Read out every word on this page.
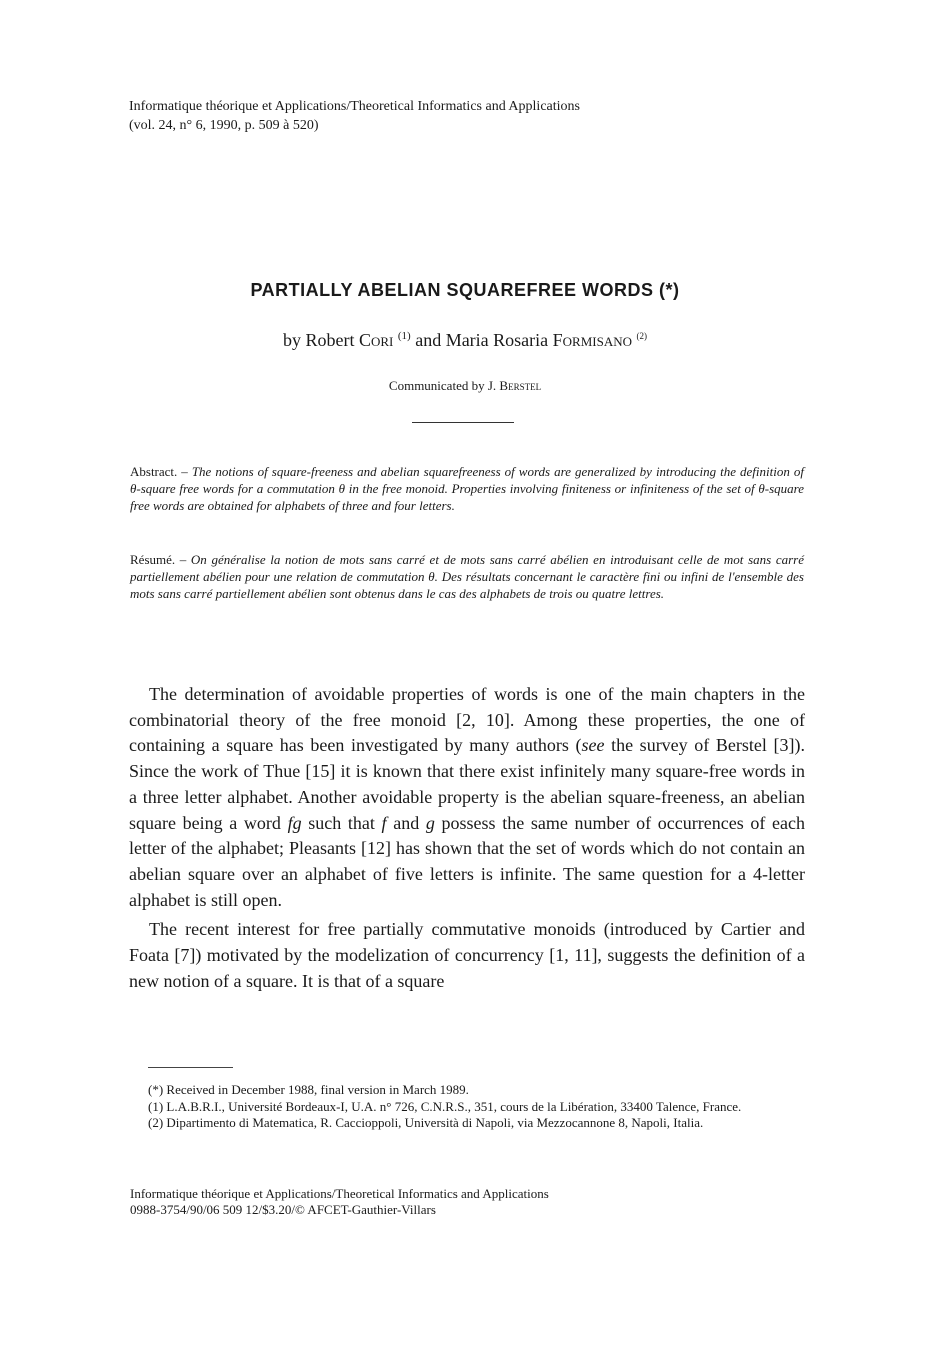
Informatique théorique et Applications/Theoretical Informatics and Applications
(vol. 24, n° 6, 1990, p. 509 à 520)
PARTIALLY ABELIAN SQUAREFREE WORDS (*)
by Robert Cori $^{(1)}$ and Maria Rosaria Formisano $^{(2)}$
Communicated by J. Berstel
Abstract. – The notions of square-freeness and abelian squarefreeness of words are generalized by introducing the definition of θ-square free words for a commutation θ in the free monoid. Properties involving finiteness or infiniteness of the set of θ-square free words are obtained for alphabets of three and four letters.
Résumé. – On généralise la notion de mots sans carré et de mots sans carré abélien en introduisant celle de mot sans carré partiellement abélien pour une relation de commutation θ. Des résultats concernant le caractère fini ou infini de l'ensemble des mots sans carré partiellement abélien sont obtenus dans le cas des alphabets de trois ou quatre lettres.

The determination of avoidable properties of words is one of the main chapters in the combinatorial theory of the free monoid [2, 10]. Among these properties, the one of containing a square has been investigated by many authors (see the survey of Berstel [3]). Since the work of Thue [15] it is known that there exist infinitely many square-free words in a three letter alphabet. Another avoidable property is the abelian square-freeness, an abelian square being a word fg such that f and g possess the same number of occurrences of each letter of the alphabet; Pleasants [12] has shown that the set of words which do not contain an abelian square over an alphabet of five letters is infinite. The same question for a 4-letter alphabet is still open.

The recent interest for free partially commutative monoids (introduced by Cartier and Foata [7]) motivated by the modelization of concurrency [1, 11], suggests the definition of a new notion of a square. It is that of a square

(*) Received in December 1988, final version in March 1989.

(1) L.A.B.R.I., Université Bordeaux-I, U.A. n° 726, C.N.R.S., 351, cours de la Libération, 33400 Talence, France.

(2) Dipartimento di Matematica, R. Caccioppoli, Università di Napoli, via Mezzocannone 8, Napoli, Italia.

Informatique théorique et Applications/Theoretical Informatics and Applications
0988-3754/90/06 509 12/$3.20/© AFCET-Gauthier-Villars
